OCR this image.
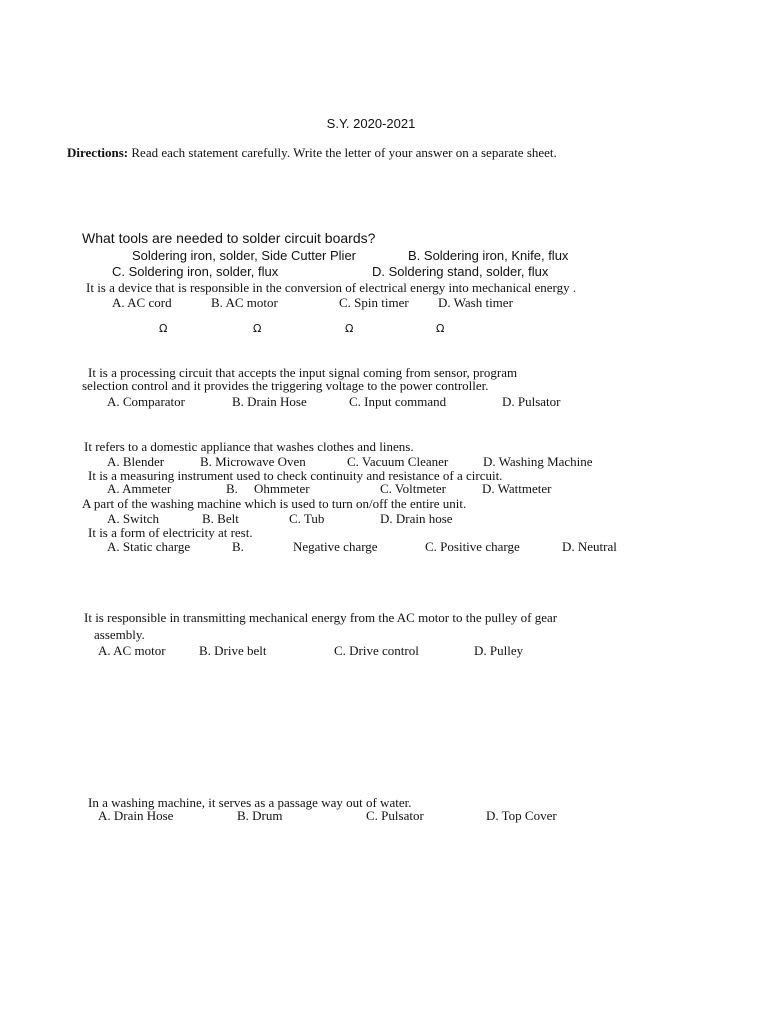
S.Y. 2020-2021
Directions: Read each statement carefully. Write the letter of your answer on a separate sheet.
What tools are needed to solder circuit boards?
Soldering iron, solder, Side Cutter Plier	B. Soldering iron, Knife, flux
C. Soldering iron, solder, flux	D. Soldering stand, solder, flux
It is a device that is responsible in the conversion of electrical energy into mechanical energy .
A. AC cord	B. AC motor	C. Spin timer D. Wash timer
Ω	Ω	Ω	Ω
It is a processing circuit that accepts the input signal coming from sensor, program
selection control and it provides the triggering voltage to the power controller.
A. Comparator	B. Drain Hose	C. Input command	D. Pulsator
It refers to a domestic appliance that washes clothes and linens.
A. Blender	B. Microwave Oven	C. Vacuum Cleaner	D. Washing Machine
It is a measuring instrument used to check continuity and resistance of a circuit.
A. Ammeter	B. Ohmmeter	C. Voltmeter	D. Wattmeter
A part of the washing machine which is used to turn on/off the entire unit.
A. Switch	B. Belt	C. Tub	D. Drain hose
It is a form of electricity at rest.
A. Static charge	B.	Negative charge	C. Positive charge	D. Neutral
It is responsible in transmitting mechanical energy from the AC motor to the pulley of gear
assembly.
A. AC motor	B. Drive belt	C. Drive control	D. Pulley
In a washing machine, it serves as a passage way out of water.
A. Drain Hose	B. Drum	C. Pulsator	D. Top Cover
